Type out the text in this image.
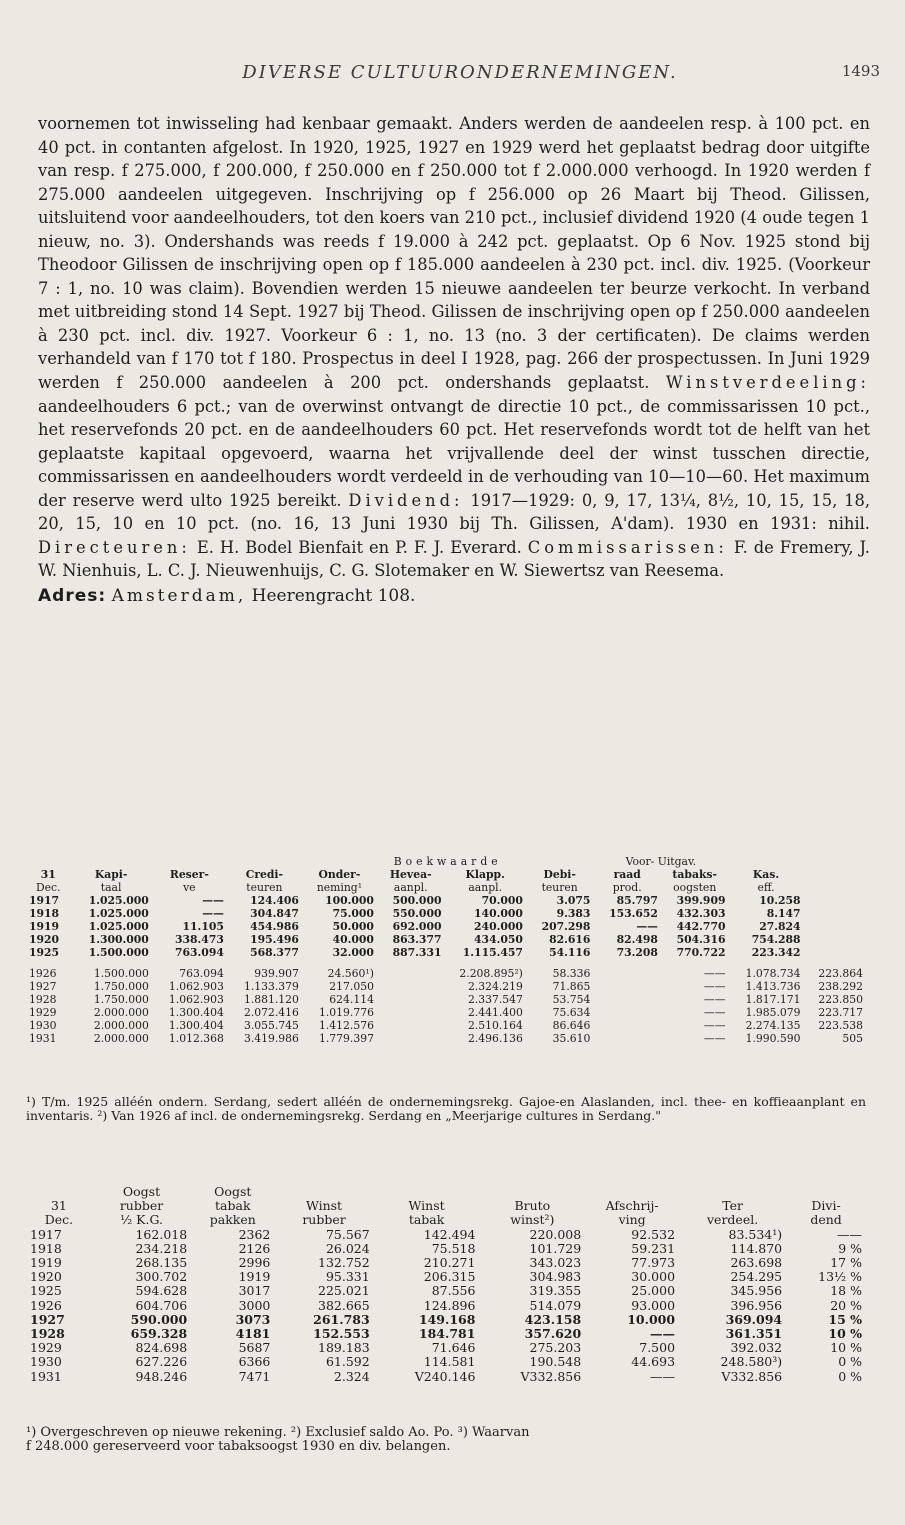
DIVERSE CULTUURONDERNEMINGEN.	1493

voornemen tot inwisseling had kenbaar gemaakt. Anders werden de aandeelen resp. à 100 pct. en 40 pct. in contanten afgelost. In 1920, 1925, 1927 en 1929 werd het geplaatst bedrag door uitgifte van resp. f 275.000, f 200.000, f 250.000 en f 250.000 tot f 2.000.000 verhoogd. In 1920 werden f 275.000 aandeelen uitgegeven. Inschrijving op f 256.000 op 26 Maart bij Theod. Gilissen, uitsluitend voor aandeelhouders, tot den koers van 210 pct., inclusief dividend 1920 (4 oude tegen 1 nieuw, no. 3). Ondershands was reeds f 19.000 à 242 pct. geplaatst. Op 6 Nov. 1925 stond bij Theodoor Gilissen de inschrijving open op f 185.000 aandeelen à 230 pct. incl. div. 1925. (Voorkeur 7 : 1, no. 10 was claim). Bovendien werden 15 nieuwe aandeelen ter beurze verkocht. In verband met uitbreiding stond 14 Sept. 1927 bij Theod. Gilissen de inschrijving open op f 250.000 aandeelen à 230 pct. incl. div. 1927. Voorkeur 6 : 1, no. 13 (no. 3 der certificaten). De claims werden verhandeld van f 170 tot f 180. Prospectus in deel I 1928, pag. 266 der prospectussen. In Juni 1929 werden f 250.000 aandeelen à 200 pct. ondershands geplaatst. Winstverdeeling: aandeelhouders 6 pct.; van de overwinst ontvangt de directie 10 pct., de commissarissen 10 pct., het reservefonds 20 pct. en de aandeelhouders 60 pct. Het reservefonds wordt tot de helft van het geplaatste kapitaal opgevoerd, waarna het vrijvallende deel der winst tusschen directie, commissarissen en aandeelhouders wordt verdeeld in de verhouding van 10—10—60. Het maximum der reserve werd ulto 1925 bereikt. Dividend: 1917—1929: 0, 9, 17, 13¼, 8½, 10, 15, 15, 18, 20, 15, 10 en 10 pct. (no. 16, 13 Juni 1930 bij Th. Gilissen, A'dam). 1930 en 1931: nihil. Directeuren: E. H. Bodel Bienfait en P. F. J. Everard. Commissarissen: F. de Fremery, J. W. Nienhuis, L. C. J. Nieuwenhuijs, C. G. Slotemaker en W. Siewertsz van Reesema.

Adres: Amsterdam, Heerengracht 108.
				Boekwaarde				Voor- Uitgav.			
31	Kapi-	Reser-	Credi-	Onder-	Hevea-	Klapp.	Debi-	raad	tabaks-	Kas.	
Dec.	taal	ve	teuren	neming¹	aanpl.	aanpl.	teuren	prod.	oogsten	eff.	
1917	1.025.000	——	124.406	100.000	500.000	70.000	3.075	85.797	399.909	10.258	
1918	1.025.000	——	304.847	75.000	550.000	140.000	9.383	153.652	432.303	8.147	
1919	1.025.000	11.105	454.986	50.000	692.000	240.000	207.298	——	442.770	27.824	
1920	1.300.000	338.473	195.496	40.000	863.377	434.050	82.616	82.498	504.316	754.288	
1925	1.500.000	763.094	568.377	32.000	887.331	1.115.457	54.116	73.208	770.722	223.342	

1926	1.500.000	763.094	939.907	24.560¹)	2.208.895²)		58.336	——		1.078.734	223.864
1927	1.750.000	1.062.903	1.133.379	217.050	2.324.219		71.865	——		1.413.736	238.292
1928	1.750.000	1.062.903	1.881.120	624.114	2.337.547		53.754	——		1.817.171	223.850
1929	2.000.000	1.300.404	2.072.416	1.019.776	2.441.400		75.634	——		1.985.079	223.717
1930	2.000.000	1.300.404	3.055.745	1.412.576	2.510.164		86.646	——		2.274.135	223.538
1931	2.000.000	1.012.368	3.419.986	1.779.397	2.496.136		35.610	——		1.990.590	505
¹) T/m. 1925 alléén ondern. Serdang, sedert alléén de ondernemingsrekg. Gajoe-en Alaslanden, incl. thee- en koffieaanplant en inventaris. ²) Van 1926 af incl. de ondernemingsrekg. Serdang en „Meerjarige cultures in Serdang."
	Oogst	Oogst						
31	rubber	tabak	Winst	Winst	Bruto	Afschrij-	Ter	Divi-
Dec.	½ K.G.	pakken	rubber	tabak	winst²)	ving	verdeel.	dend
1917	162.018	2362	75.567	142.494	220.008	92.532	83.534¹)	——
1918	234.218	2126	26.024	75.518	101.729	59.231	114.870	9 %
1919	268.135	2996	132.752	210.271	343.023	77.973	263.698	17 %
1920	300.702	1919	95.331	206.315	304.983	30.000	254.295	13½ %
1925	594.628	3017	225.021	87.556	319.355	25.000	345.956	18 %
1926	604.706	3000	382.665	124.896	514.079	93.000	396.956	20 %
1927	590.000	3073	261.783	149.168	423.158	10.000	369.094	15 %
1928	659.328	4181	152.553	184.781	357.620	——	361.351	10 %
1929	824.698	5687	189.183	71.646	275.203	7.500	392.032	10 %
1930	627.226	6366	61.592	114.581	190.548	44.693	248.580³)	0 %
1931	948.246	7471	2.324	V240.146	V332.856	——	V332.856	0 %
¹) Overgeschreven op nieuwe rekening. ²) Exclusief saldo Ao. Po. ³) Waarvan
f 248.000 gereserveerd voor tabaksoogst 1930 en div. belangen.
